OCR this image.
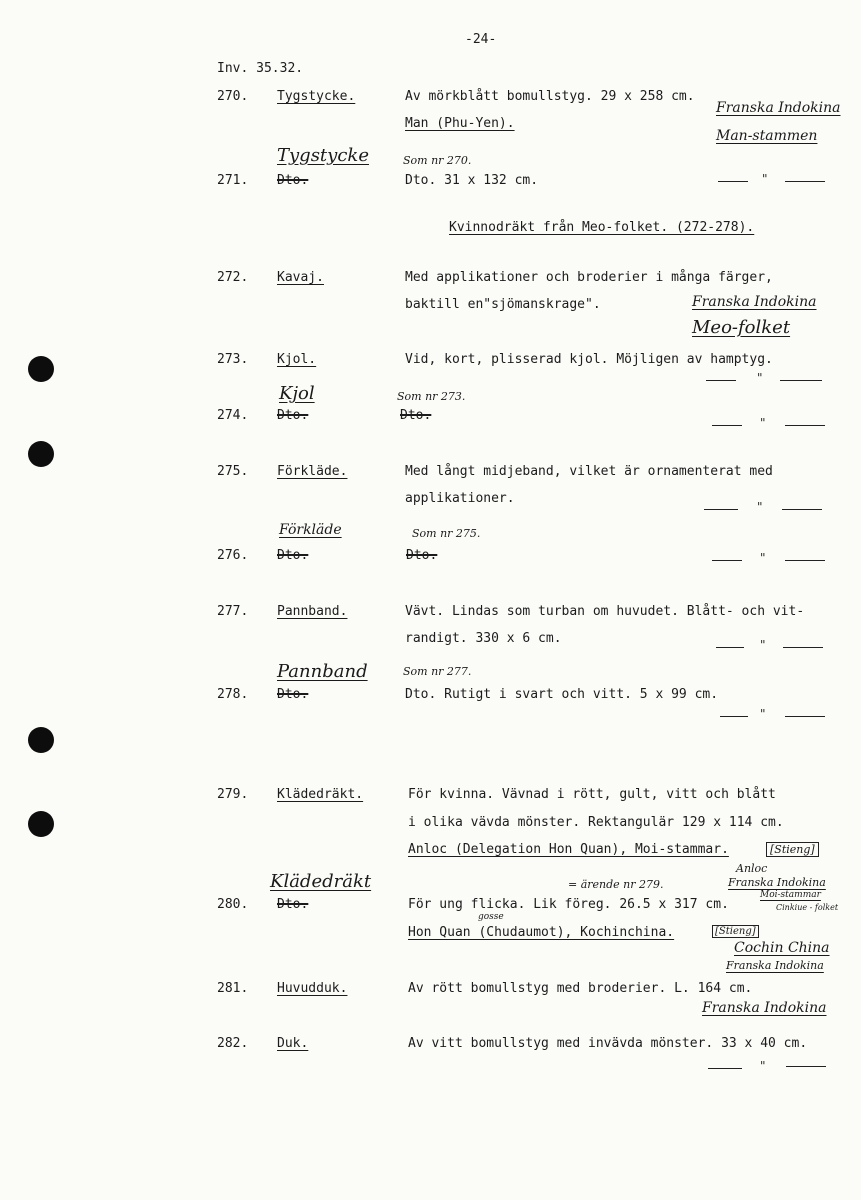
-24-
Inv. 35.32.
270. Tygstycke.	Av mörkblått bomullstyg. 29 x 258 cm.
Man (Phu-Yen).
Franska Indokina
Man-stammen
Tygstycke	Som nr 270.
271. Dto.	Dto. 31 x 132 cm.	"
Kvinnodräkt från Meo-folket. (272-278).
272. Kavaj.	Med applikationer och broderier i många färger,
baktill en"sjömanskrage".	Franska Indokina
Meo-folket
273. Kjol.	Vid, kort, plisserad kjol. Möjligen av hamptyg.
"
Kjol	Som nr 273.
274. Dto.	Dto.	"
275. Förkläde.	Med långt midjeband, vilket är ornamenterat med
applikationer.
"
Förkläde	Som nr 275.
276. Dto.	Dto.	"
277. Pannband.	Vävt. Lindas som turban om huvudet. Blått- och vit-
randigt. 330 x 6 cm.	"
Pannband	Som nr 277.
278. Dto.	Dto. Rutigt i svart och vitt. 5 x 99 cm.
"
279. Klädedräkt.	För kvinna. Vävnad i rött, gult, vitt och blått
i olika vävda mönster. Rektangulär 129 x 114 cm.
Anloc (Delegation Hon Quan), Moi-stammar.	[Stieng]
Klädedräkt	= ärende nr 279.
gosse
Anloc
Franska Indokina
Moi-stammar
Cinkiue - folket
280. Dto.	För ung flicka. Lik föreg. 26.5 x 317 cm.
Hon Quan (Chudaumot), Kochinchina.	[Stieng]
Cochin China
Franska Indokina
281. Huvudduk.	Av rött bomullstyg med broderier. L. 164 cm.
Franska Indokina
282. Duk.	Av vitt bomullstyg med invävda mönster. 33 x 40 cm.
"
